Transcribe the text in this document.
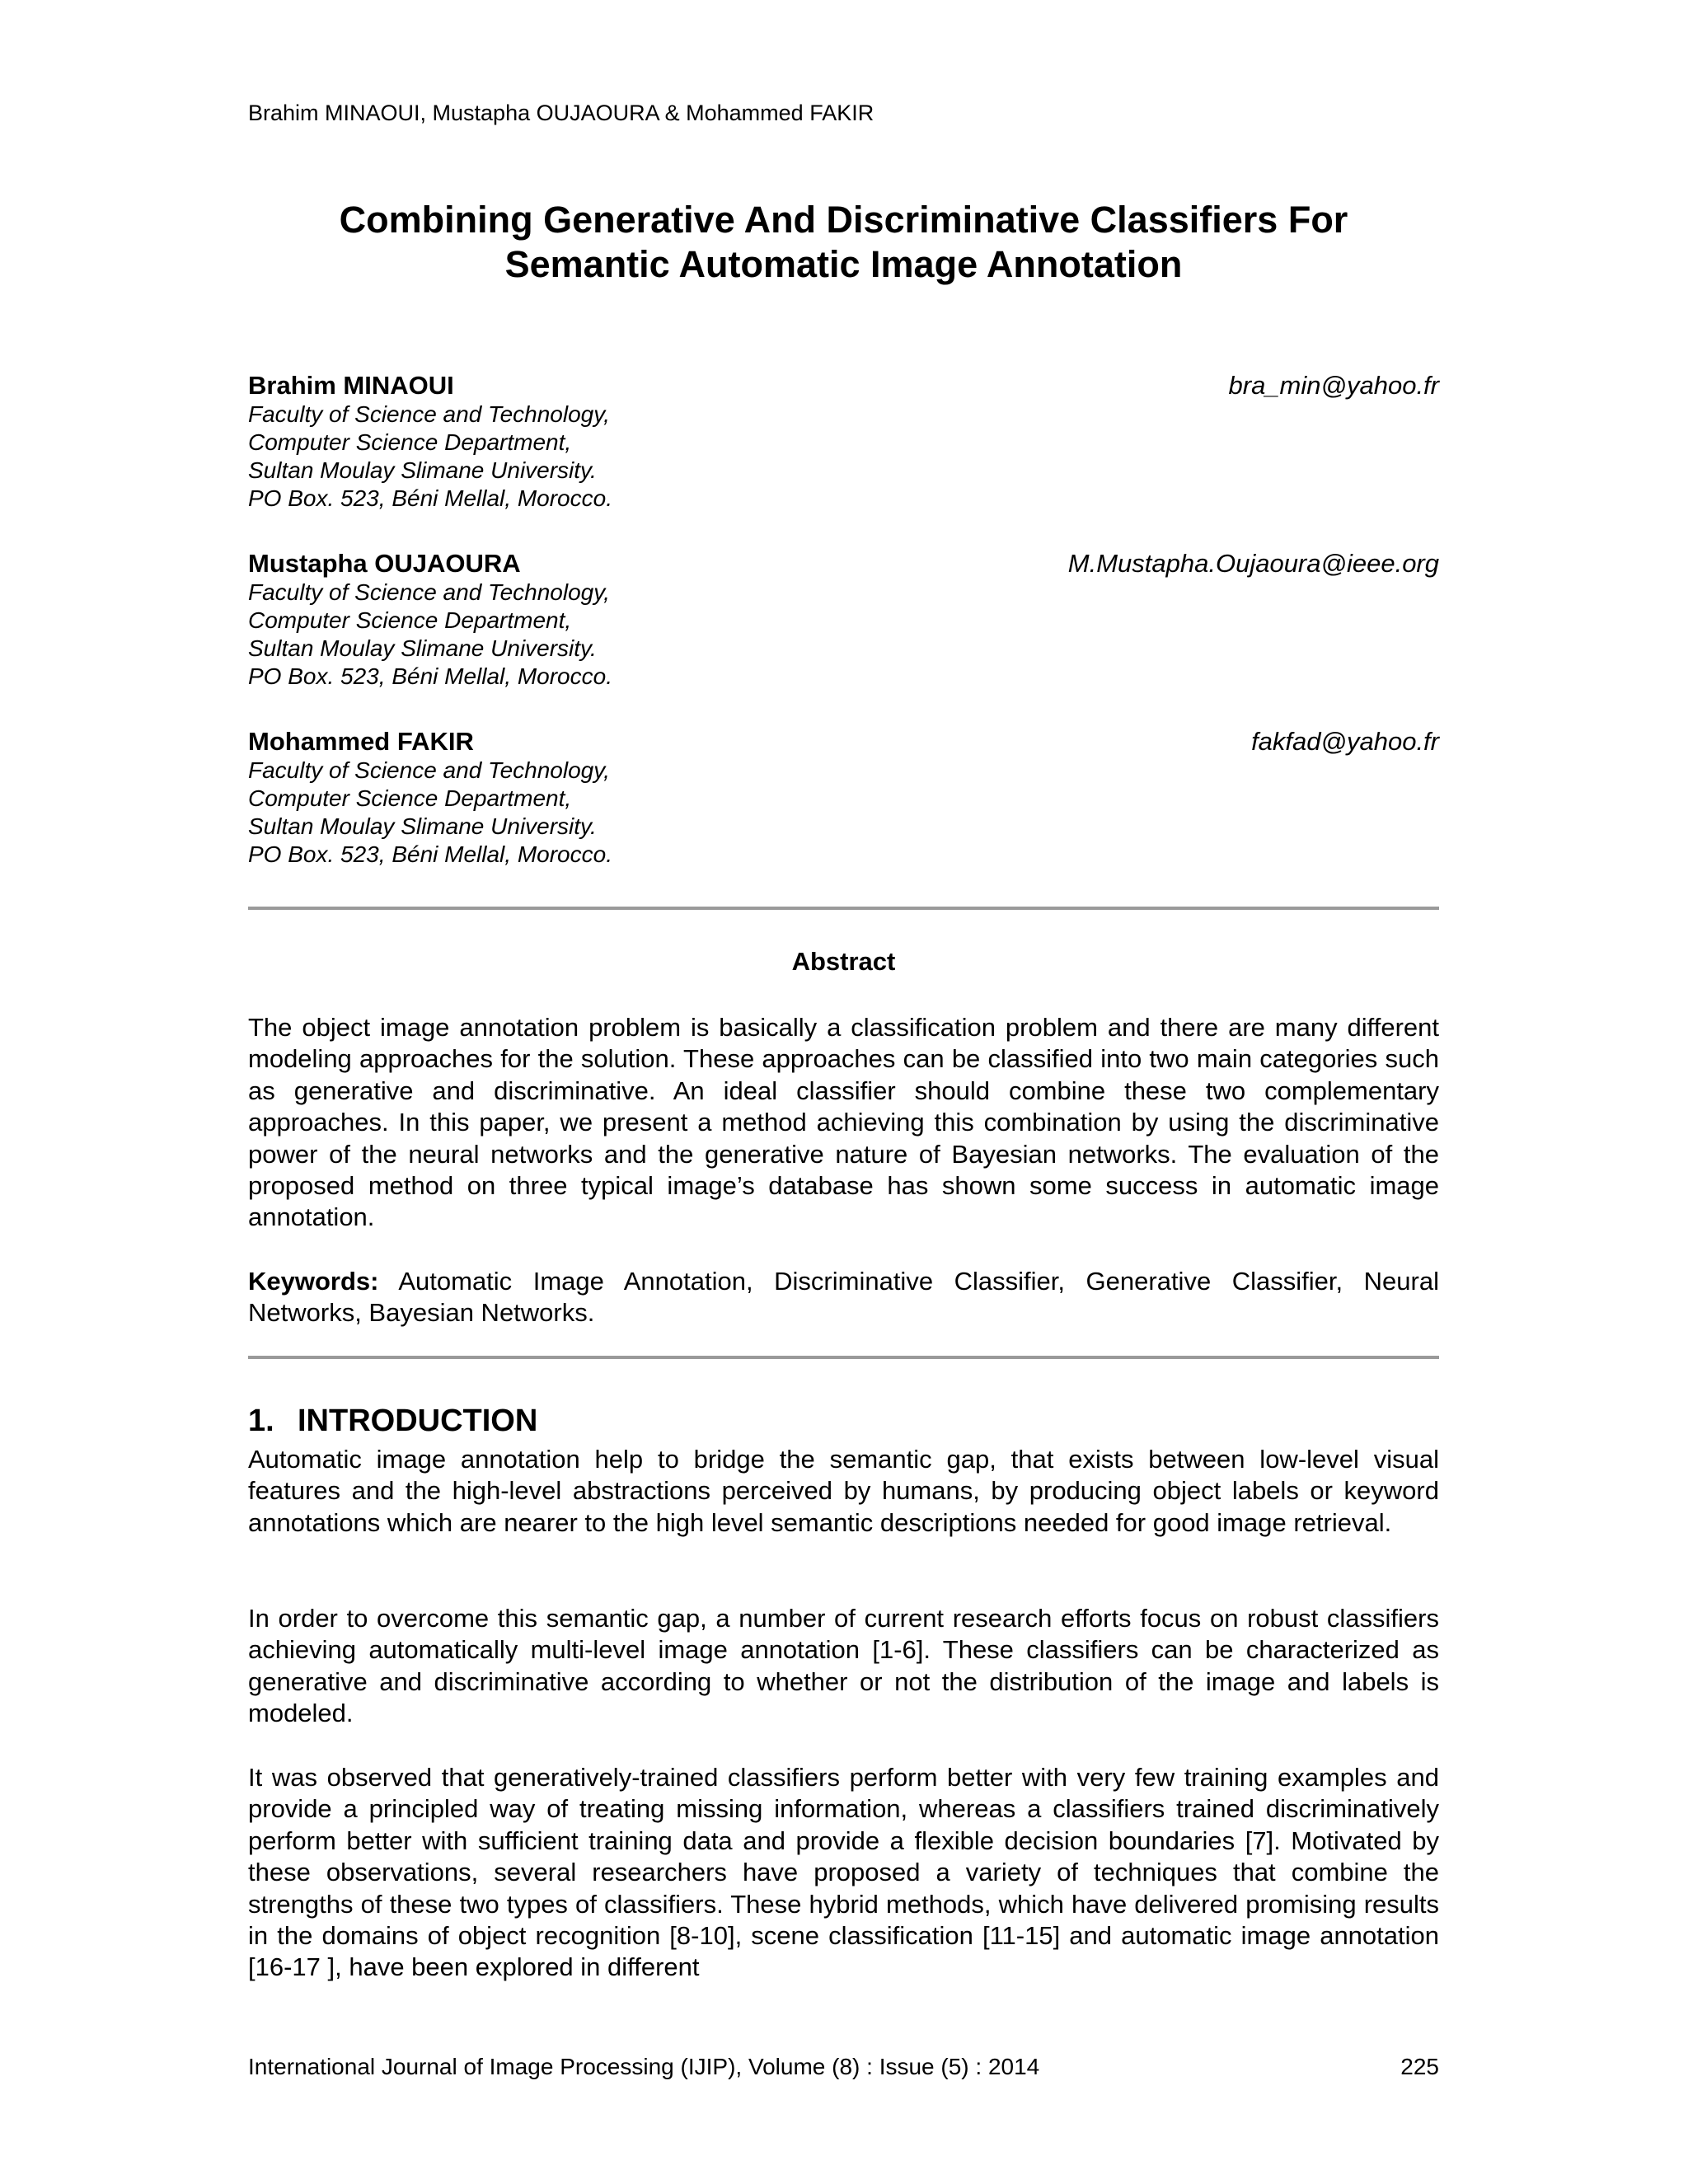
Brahim MINAOUI, Mustapha OUJAOURA & Mohammed FAKIR
Combining Generative And Discriminative Classifiers For
Semantic Automatic Image Annotation
Brahim MINAOUI	bra_min@yahoo.fr
Faculty of Science and Technology,
Computer Science Department,
Sultan Moulay Slimane University.
PO Box. 523, Béni Mellal, Morocco.
Mustapha OUJAOURA	M.Mustapha.Oujaoura@ieee.org
Faculty of Science and Technology,
Computer Science Department,
Sultan Moulay Slimane University.
PO Box. 523, Béni Mellal, Morocco.
Mohammed FAKIR	fakfad@yahoo.fr
Faculty of Science and Technology,
Computer Science Department,
Sultan Moulay Slimane University.
PO Box. 523, Béni Mellal, Morocco.
Abstract

The object image annotation problem is basically a classification problem and there are many different modeling approaches for the solution. These approaches can be classified into two main categories such as generative and discriminative. An ideal classifier should combine these two complementary approaches. In this paper, we present a method achieving this combination by using the discriminative power of the neural networks and the generative nature of Bayesian networks. The evaluation of the proposed method on three typical image’s database has shown some success in automatic image annotation.

Keywords: Automatic Image Annotation, Discriminative Classifier, Generative Classifier, Neural Networks, Bayesian Networks.

1. INTRODUCTION

Automatic image annotation help to bridge the semantic gap, that exists between low-level visual features and the high-level abstractions perceived by humans, by producing object labels or keyword annotations which are nearer to the high level semantic descriptions needed for good image retrieval.

In order to overcome this semantic gap, a number of current research efforts focus on robust classifiers achieving automatically multi-level image annotation [1-6]. These classifiers can be characterized as generative and discriminative according to whether or not the distribution of the image and labels is modeled.

It was observed that generatively-trained classifiers perform better with very few training examples and provide a principled way of treating missing information, whereas a classifiers trained discriminatively perform better with sufficient training data and provide a flexible decision boundaries [7]. Motivated by these observations, several researchers have proposed a variety of techniques that combine the strengths of these two types of classifiers. These hybrid methods, which have delivered promising results in the domains of object recognition [8-10], scene classification [11-15] and automatic image annotation [16-17 ], have been explored in different

International Journal of Image Processing (IJIP), Volume (8) : Issue (5) : 2014	225
